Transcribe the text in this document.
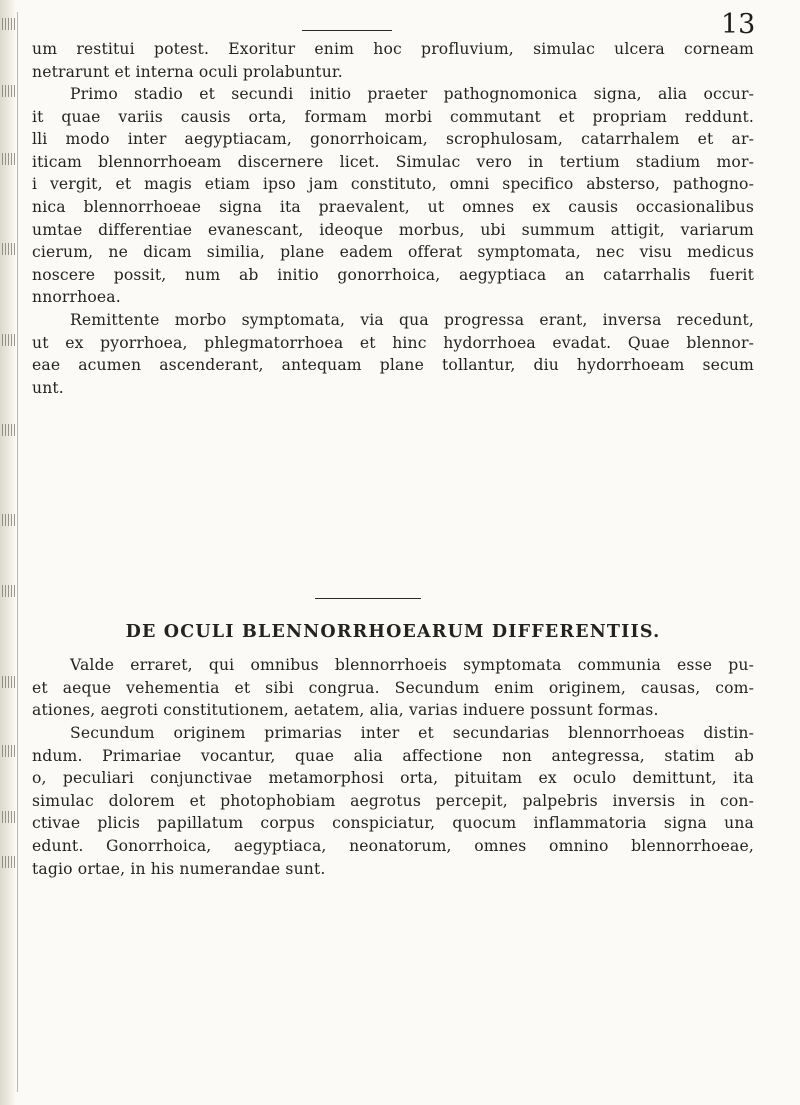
13
um restitui potest. Exoritur enim hoc profluvium, simulac ulcera corneam
netrarunt et interna oculi prolabuntur.
Primo stadio et secundi initio praeter pathognomonica signa, alia occur-
it quae variis causis orta, formam morbi commutant et propriam reddunt.
lli modo inter aegyptiacam, gonorrhoicam, scrophulosam, catarrhalem et ar-
iticam blennorrhoeam discernere licet. Simulac vero in tertium stadium mor-
i vergit, et magis etiam ipso jam constituto, omni specifico absterso, pathogno-
nica blennorrhoeae signa ita praevalent, ut omnes ex causis occasionalibus
umtae differentiae evanescant, ideoque morbus, ubi summum attigit, variarum
cierum, ne dicam similia, plane eadem offerat symptomata, nec visu medicus
noscere possit, num ab initio gonorrhoica, aegyptiaca an catarrhalis fuerit
nnorrhoea.
Remittente morbo symptomata, via qua progressa erant, inversa recedunt,
ut ex pyorrhoea, phlegmatorrhoea et hinc hydorrhoea evadat. Quae blennor-
eae acumen ascenderant, antequam plane tollantur, diu hydorrhoeam secum
unt.
DE OCULI BLENNORRHOEARUM DIFFERENTIIS.
Valde erraret, qui omnibus blennorrhoeis symptomata communia esse pu-
et aeque vehementia et sibi congrua. Secundum enim originem, causas, com-
ationes, aegroti constitutionem, aetatem, alia, varias induere possunt formas.
Secundum originem primarias inter et secundarias blennorrhoeas distin-
ndum. Primariae vocantur, quae alia affectione non antegressa, statim ab
o, peculiari conjunctivae metamorphosi orta, pituitam ex oculo demittunt, ita
simulac dolorem et photophobiam aegrotus percepit, palpebris inversis in con-
ctivae plicis papillatum corpus conspiciatur, quocum inflammatoria signa una
edunt. Gonorrhoica, aegyptiaca, neonatorum, omnes omnino blennorrhoeae,
tagio ortae, in his numerandae sunt.
